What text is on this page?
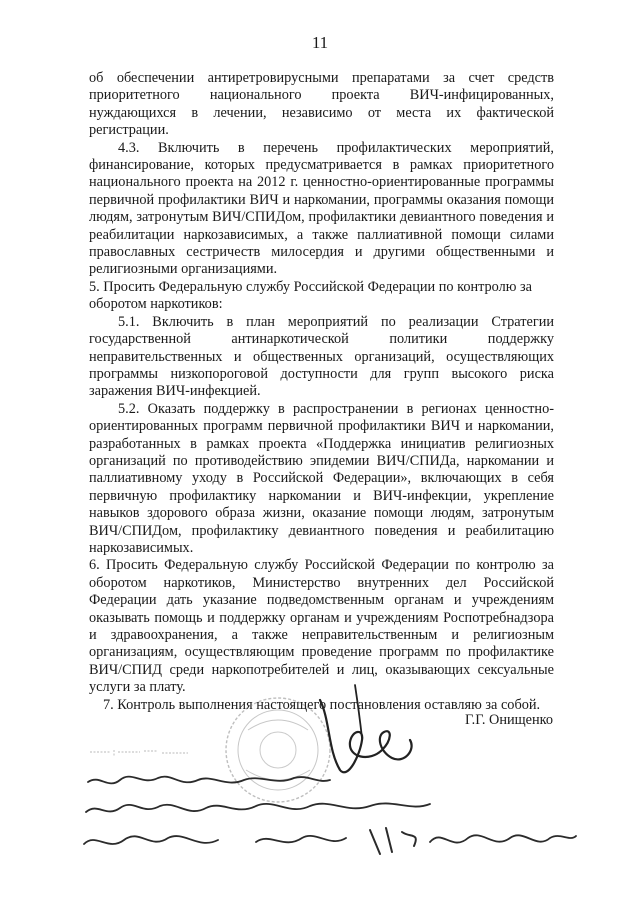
11

об обеспечении антиретровирусными препаратами за счет средств приоритетного национального проекта ВИЧ-инфицированных, нуждающихся в лечении, независимо от места их фактической регистрации.

4.3. Включить в перечень профилактических мероприятий, финансирование, которых предусматривается в рамках приоритетного национального проекта на 2012 г. ценностно-ориентированные программы первичной профилактики ВИЧ и наркомании, программы оказания помощи людям, затронутым ВИЧ/СПИДом, профилактики девиантного поведения и реабилитации наркозависимых, а также паллиативной помощи силами православных сестричеств милосердия и другими общественными и религиозными организациями.

5. Просить Федеральную службу Российской Федерации по контролю за оборотом наркотиков:

5.1. Включить в план мероприятий по реализации Стратегии государственной антинаркотической политики поддержку неправительственных и общественных организаций, осуществляющих программы низкопороговой доступности для групп высокого риска заражения ВИЧ-инфекцией.

5.2. Оказать поддержку в распространении в регионах ценностно-ориентированных программ первичной профилактики ВИЧ и наркомании, разработанных в рамках проекта «Поддержка инициатив религиозных организаций по противодействию эпидемии ВИЧ/СПИДа, наркомании и паллиативному уходу в Российской Федерации», включающих в себя первичную профилактику наркомании и ВИЧ-инфекции, укрепление навыков здорового образа жизни, оказание помощи людям, затронутым ВИЧ/СПИДом, профилактику девиантного поведения и реабилитацию наркозависимых.

6. Просить Федеральную службу Российской Федерации по контролю за оборотом наркотиков, Министерство внутренних дел Российской Федерации дать указание подведомственным органам и учреждениям оказывать помощь и поддержку органам и учреждениям Роспотребнадзора и здравоохранения, а также неправительственным и религиозным организациям, осуществляющим проведение программ по профилактике ВИЧ/СПИД среди наркопотребителей и лиц, оказывающих сексуальные услуги за плату.

7. Контроль выполнения настоящего постановления оставляю за собой.

Г.Г. Онищенко
